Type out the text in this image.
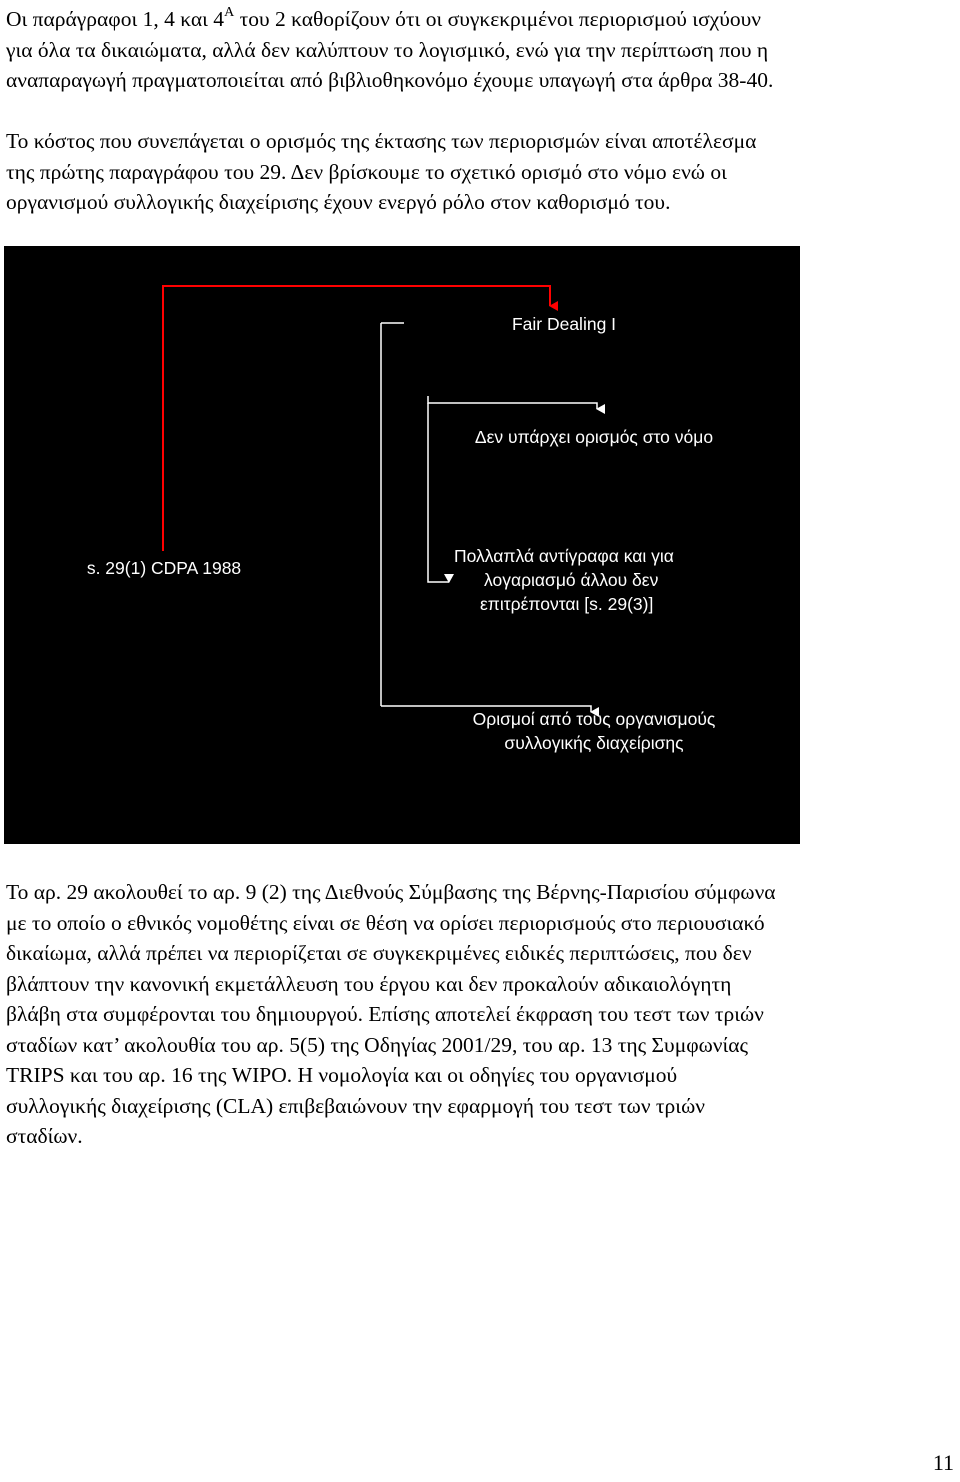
Οι παράγραφοι 1, 4 και $4^A$ του 2 καθορίζουν ότι οι συγκεκριμένοι περιορισμού ισχύουν
για όλα τα δικαιώματα, αλλά δεν καλύπτουν το λογισμικό, ενώ για την περίπτωση που η
αναπαραγωγή πραγματοποιείται από βιβλιοθηκονόμο έχουμε υπαγωγή στα άρθρα 38-40.

Το κόστος που συνεπάγεται ο ορισμός της έκτασης των περιορισμών είναι αποτέλεσμα
της πρώτης παραγράφου του 29. Δεν βρίσκουμε το σχετικό ορισμό στο νόμο ενώ οι
οργανισμού συλλογικής διαχείρισης έχουν ενεργό ρόλο στον καθορισμό του.

Fair Dealing I
Δεν υπάρχει ορισμός στο νόμο
s. 29(1) CDPA 1988
Πολλαπλά αντίγραφα και για
λογαριασμό άλλου δεν
επιτρέπονται [s. 29(3)]
Ορισμοί από τους οργανισμούς
συλλογικής διαχείρισης

Το αρ. 29 ακολουθεί το αρ. 9 (2) της Διεθνούς Σύμβασης της Βέρνης-Παρισίου σύμφωνα
με το οποίο ο εθνικός νομοθέτης είναι σε θέση να ορίσει περιορισμούς στο περιουσιακό
δικαίωμα, αλλά πρέπει να περιορίζεται σε συγκεκριμένες ειδικές περιπτώσεις, που δεν
βλάπτουν την κανονική εκμετάλλευση του έργου και δεν προκαλούν αδικαιολόγητη
βλάβη στα συμφέρονται του δημιουργού. Επίσης αποτελεί έκφραση του τεστ των τριών
σταδίων κατ’ ακολουθία του αρ. 5(5) της Οδηγίας 2001/29, του αρ. 13 της Συμφωνίας
TRIPS και του αρ. 16 της WIPO. Η νομολογία και οι οδηγίες του οργανισμού
συλλογικής διαχείρισης (CLA) επιβεβαιώνουν την εφαρμογή του τεστ των τριών
σταδίων.

11
